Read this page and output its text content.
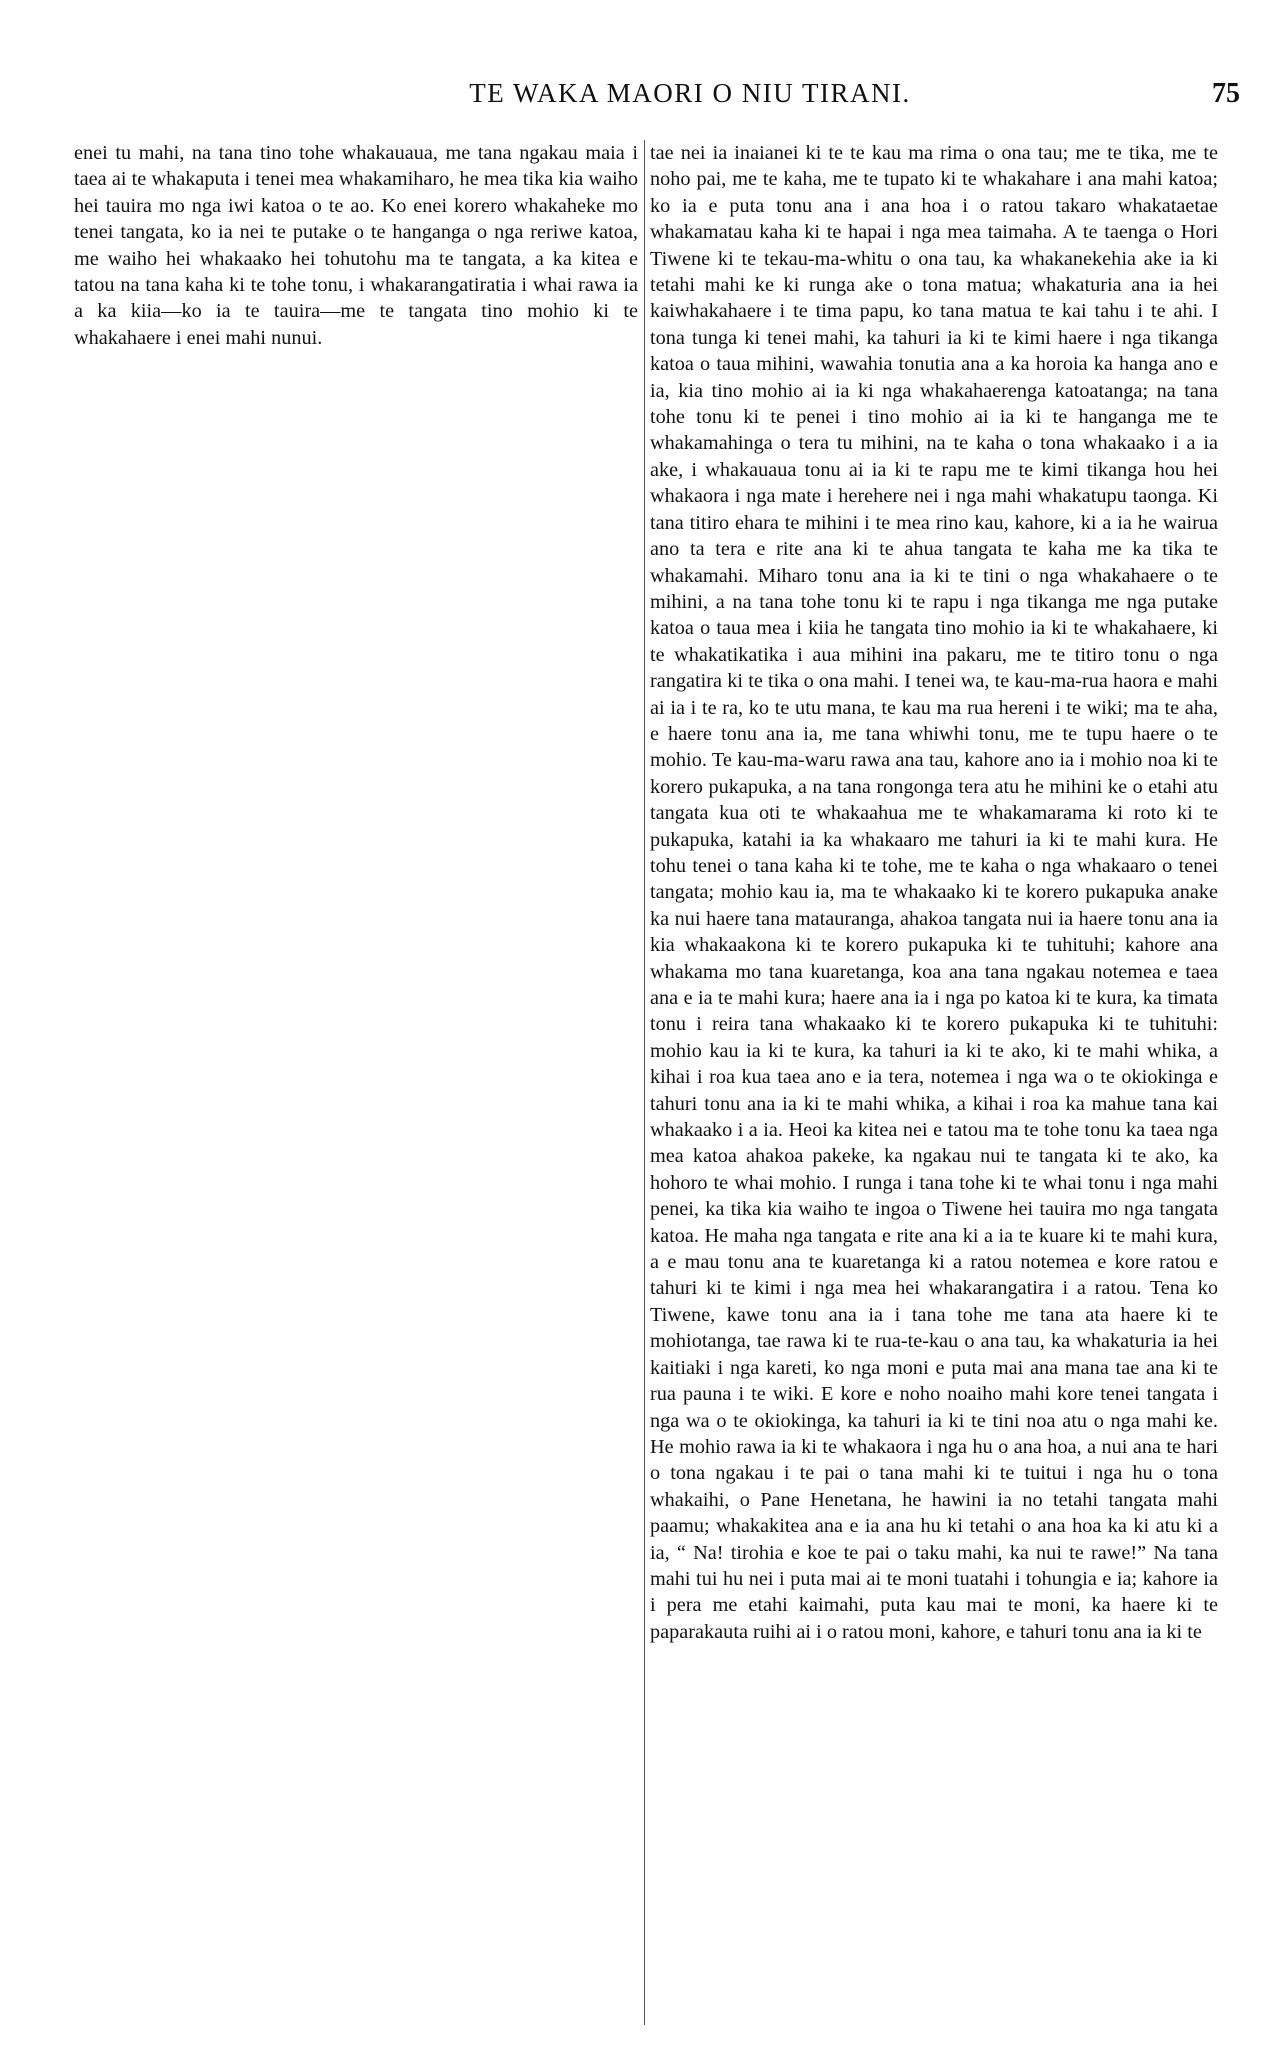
TE WAKA MAORI O NIU TIRANI.	75

enei tu mahi, na tana tino tohe whakauaua, me tana ngakau maia i taea ai te whakaputa i tenei mea whakamiharo, he mea tika kia waiho hei tauira mo nga iwi katoa o te ao. Ko enei korero whakaheke mo tenei tangata, ko ia nei te putake o te hanganga o nga reriwe katoa, me waiho hei whakaako hei tohutohu ma te tangata, a ka kitea e tatou na tana kaha ki te tohe tonu, i whakarangatiratia i whai rawa ia a ka kiia—ko ia te tauira—me te tangata tino mohio ki te whakahaere i enei mahi nunui.

tae nei ia inaianei ki te te kau ma rima o ona tau; me te tika, me te noho pai, me te kaha, me te tupato ki te whakahare i ana mahi katoa; ko ia e puta tonu ana i ana hoa i o ratou takaro whakataetae whakamatau kaha ki te hapai i nga mea taimaha. A te taenga o Hori Tiwene ki te tekau-ma-whitu o ona tau, ka whakanekehia ake ia ki tetahi mahi ke ki runga ake o tona matua; whakaturia ana ia hei kaiwhakahaere i te tima papu, ko tana matua te kai tahu i te ahi. I tona tunga ki tenei mahi, ka tahuri ia ki te kimi haere i nga tikanga katoa o taua mihini, wawahia tonutia ana a ka horoia ka hanga ano e ia, kia tino mohio ai ia ki nga whakahaerenga katoatanga; na tana tohe tonu ki te penei i tino mohio ai ia ki te hanganga me te whakamahinga o tera tu mihini, na te kaha o tona whakaako i a ia ake, i whakauaua tonu ai ia ki te rapu me te kimi tikanga hou hei whakaora i nga mate i herehere nei i nga mahi whakatupu taonga. Ki tana titiro ehara te mihini i te mea rino kau, kahore, ki a ia he wairua ano ta tera e rite ana ki te ahua tangata te kaha me ka tika te whakamahi. Miharo tonu ana ia ki te tini o nga whakahaere o te mihini, a na tana tohe tonu ki te rapu i nga tikanga me nga putake katoa o taua mea i kiia he tangata tino mohio ia ki te whakahaere, ki te whakatikatika i aua mihini ina pakaru, me te titiro tonu o nga rangatira ki te tika o ona mahi. I tenei wa, te kau-ma-rua haora e mahi ai ia i te ra, ko te utu mana, te kau ma rua hereni i te wiki; ma te aha, e haere tonu ana ia, me tana whiwhi tonu, me te tupu haere o te mohio. Te kau-ma-waru rawa ana tau, kahore ano ia i mohio noa ki te korero pukapuka, a na tana rongonga tera atu he mihini ke o etahi atu tangata kua oti te whakaahua me te whakamarama ki roto ki te pukapuka, katahi ia ka whakaaro me tahuri ia ki te mahi kura. He tohu tenei o tana kaha ki te tohe, me te kaha o nga whakaaro o tenei tangata; mohio kau ia, ma te whakaako ki te korero pukapuka anake ka nui haere tana matauranga, ahakoa tangata nui ia haere tonu ana ia kia whakaakona ki te korero pukapuka ki te tuhituhi; kahore ana whakama mo tana kuaretanga, koa ana tana ngakau notemea e taea ana e ia te mahi kura; haere ana ia i nga po katoa ki te kura, ka timata tonu i reira tana whakaako ki te korero pukapuka ki te tuhituhi: mohio kau ia ki te kura, ka tahuri ia ki te ako, ki te mahi whika, a kihai i roa kua taea ano e ia tera, notemea i nga wa o te okiokinga e tahuri tonu ana ia ki te mahi whika, a kihai i roa ka mahue tana kai whakaako i a ia. Heoi ka kitea nei e tatou ma te tohe tonu ka taea nga mea katoa ahakoa pakeke, ka ngakau nui te tangata ki te ako, ka hohoro te whai mohio. I runga i tana tohe ki te whai tonu i nga mahi penei, ka tika kia waiho te ingoa o Tiwene hei tauira mo nga tangata katoa. He maha nga tangata e rite ana ki a ia te kuare ki te mahi kura, a e mau tonu ana te kuaretanga ki a ratou notemea e kore ratou e tahuri ki te kimi i nga mea hei whakarangatira i a ratou. Tena ko Tiwene, kawe tonu ana ia i tana tohe me tana ata haere ki te mohiotanga, tae rawa ki te rua-te-kau o ana tau, ka whakaturia ia hei kaitiaki i nga kareti, ko nga moni e puta mai ana mana tae ana ki te rua pauna i te wiki. E kore e noho noaiho mahi kore tenei tangata i nga wa o te okiokinga, ka tahuri ia ki te tini noa atu o nga mahi ke. He mohio rawa ia ki te whakaora i nga hu o ana hoa, a nui ana te hari o tona ngakau i te pai o tana mahi ki te tuitui i nga hu o tona whakaihi, o Pane Henetana, he hawini ia no tetahi tangata mahi paamu; whakakitea ana e ia ana hu ki tetahi o ana hoa ka ki atu ki a ia, “ Na! tirohia e koe te pai o taku mahi, ka nui te rawe!” Na tana mahi tui hu nei i puta mai ai te moni tuatahi i tohungia e ia; kahore ia i pera me etahi kaimahi, puta kau mai te moni, ka haere ki te paparakauta ruihi ai i o ratou moni, kahore, e tahuri tonu ana ia ki te
